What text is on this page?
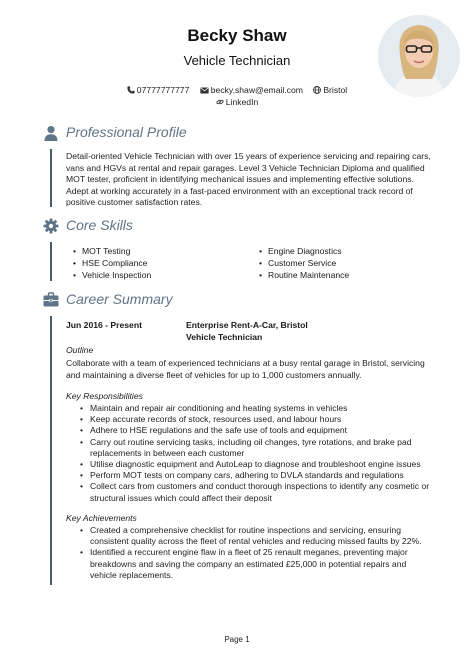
Becky Shaw
Vehicle Technician
07777777777 becky.shaw@email.com Bristol
LinkedIn
Professional Profile
Detail-oriented Vehicle Technician with over 15 years of experience servicing and repairing cars, vans and HGVs at rental and repair garages. Level 3 Vehicle Technician Diploma and qualified MOT tester, proficient in identifying mechanical issues and implementing effective solutions. Adept at working accurately in a fast-paced environment with an exceptional track record of positive customer satisfaction rates.
Core Skills
• MOT Testing
• HSE Compliance
• Vehicle Inspection
• Engine Diagnostics
• Customer Service
• Routine Maintenance
Career Summary
Jun 2016 - Present	Enterprise Rent-A-Car, Bristol
Vehicle Technician
Outline
Collaborate with a team of experienced technicians at a busy rental garage in Bristol, servicing and maintaining a diverse fleet of vehicles for up to 1,000 customers annually.
Key Responsibilities
• Maintain and repair air conditioning and heating systems in vehicles
• Keep accurate records of stock, resources used, and labour hours
• Adhere to HSE regulations and the safe use of tools and equipment
• Carry out routine servicing tasks, including oil changes, tyre rotations, and brake pad replacements in between each customer
• Utilise diagnostic equipment and AutoLeap to diagnose and troubleshoot engine issues
• Perform MOT tests on company cars, adhering to DVLA standards and regulations
• Collect cars from customers and conduct thorough inspections to identify any cosmetic or structural issues which could affect their deposit
Key Achievements
• Created a comprehensive checklist for routine inspections and servicing, ensuring consistent quality across the fleet of rental vehicles and reducing missed faults by 22%.
• Identified a reccurent engine flaw in a fleet of 25 renault meganes, preventing major breakdowns and saving the company an estimated £25,000 in potential repairs and vehicle replacements.
Page 1
